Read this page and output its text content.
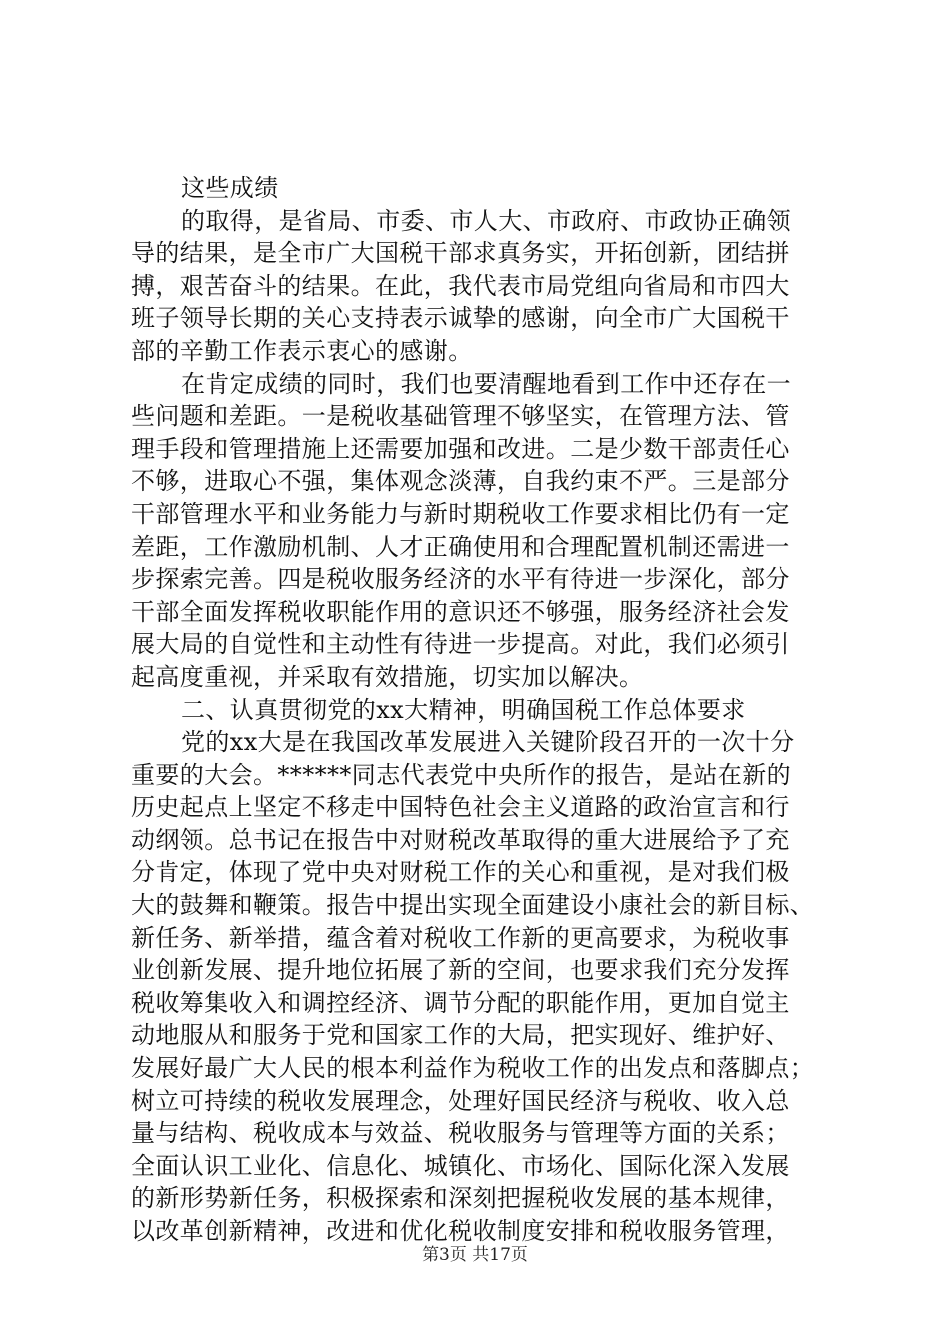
这些成绩
的取得，是省局、市委、市人大、市政府、市政协正确领
导的结果，是全市广大国税干部求真务实，开拓创新，团结拼
搏，艰苦奋斗的结果。在此，我代表市局党组向省局和市四大
班子领导长期的关心支持表示诚挚的感谢，向全市广大国税干
部的辛勤工作表示衷心的感谢。
在肯定成绩的同时，我们也要清醒地看到工作中还存在一
些问题和差距。一是税收基础管理不够坚实，在管理方法、管
理手段和管理措施上还需要加强和改进。二是少数干部责任心
不够，进取心不强，集体观念淡薄，自我约束不严。三是部分
干部管理水平和业务能力与新时期税收工作要求相比仍有一定
差距，工作激励机制、人才正确使用和合理配置机制还需进一
步探索完善。四是税收服务经济的水平有待进一步深化，部分
干部全面发挥税收职能作用的意识还不够强，服务经济社会发
展大局的自觉性和主动性有待进一步提高。对此，我们必须引
起高度重视，并采取有效措施，切实加以解决。
二、认真贯彻党的xx大精神，明确国税工作总体要求
党的xx大是在我国改革发展进入关键阶段召开的一次十分
重要的大会。******同志代表党中央所作的报告，是站在新的
历史起点上坚定不移走中国特色社会主义道路的政治宣言和行
动纲领。总书记在报告中对财税改革取得的重大进展给予了充
分肯定，体现了党中央对财税工作的关心和重视，是对我们极
大的鼓舞和鞭策。报告中提出实现全面建设小康社会的新目标、
新任务、新举措，蕴含着对税收工作新的更高要求，为税收事
业创新发展、提升地位拓展了新的空间，也要求我们充分发挥
税收筹集收入和调控经济、调节分配的职能作用，更加自觉主
动地服从和服务于党和国家工作的大局，把实现好、维护好、
发展好最广大人民的根本利益作为税收工作的出发点和落脚点；
树立可持续的税收发展理念，处理好国民经济与税收、收入总
量与结构、税收成本与效益、税收服务与管理等方面的关系；
全面认识工业化、信息化、城镇化、市场化、国际化深入发展
的新形势新任务，积极探索和深刻把握税收发展的基本规律，
以改革创新精神，改进和优化税收制度安排和税收服务管理，
第3页 共17页
